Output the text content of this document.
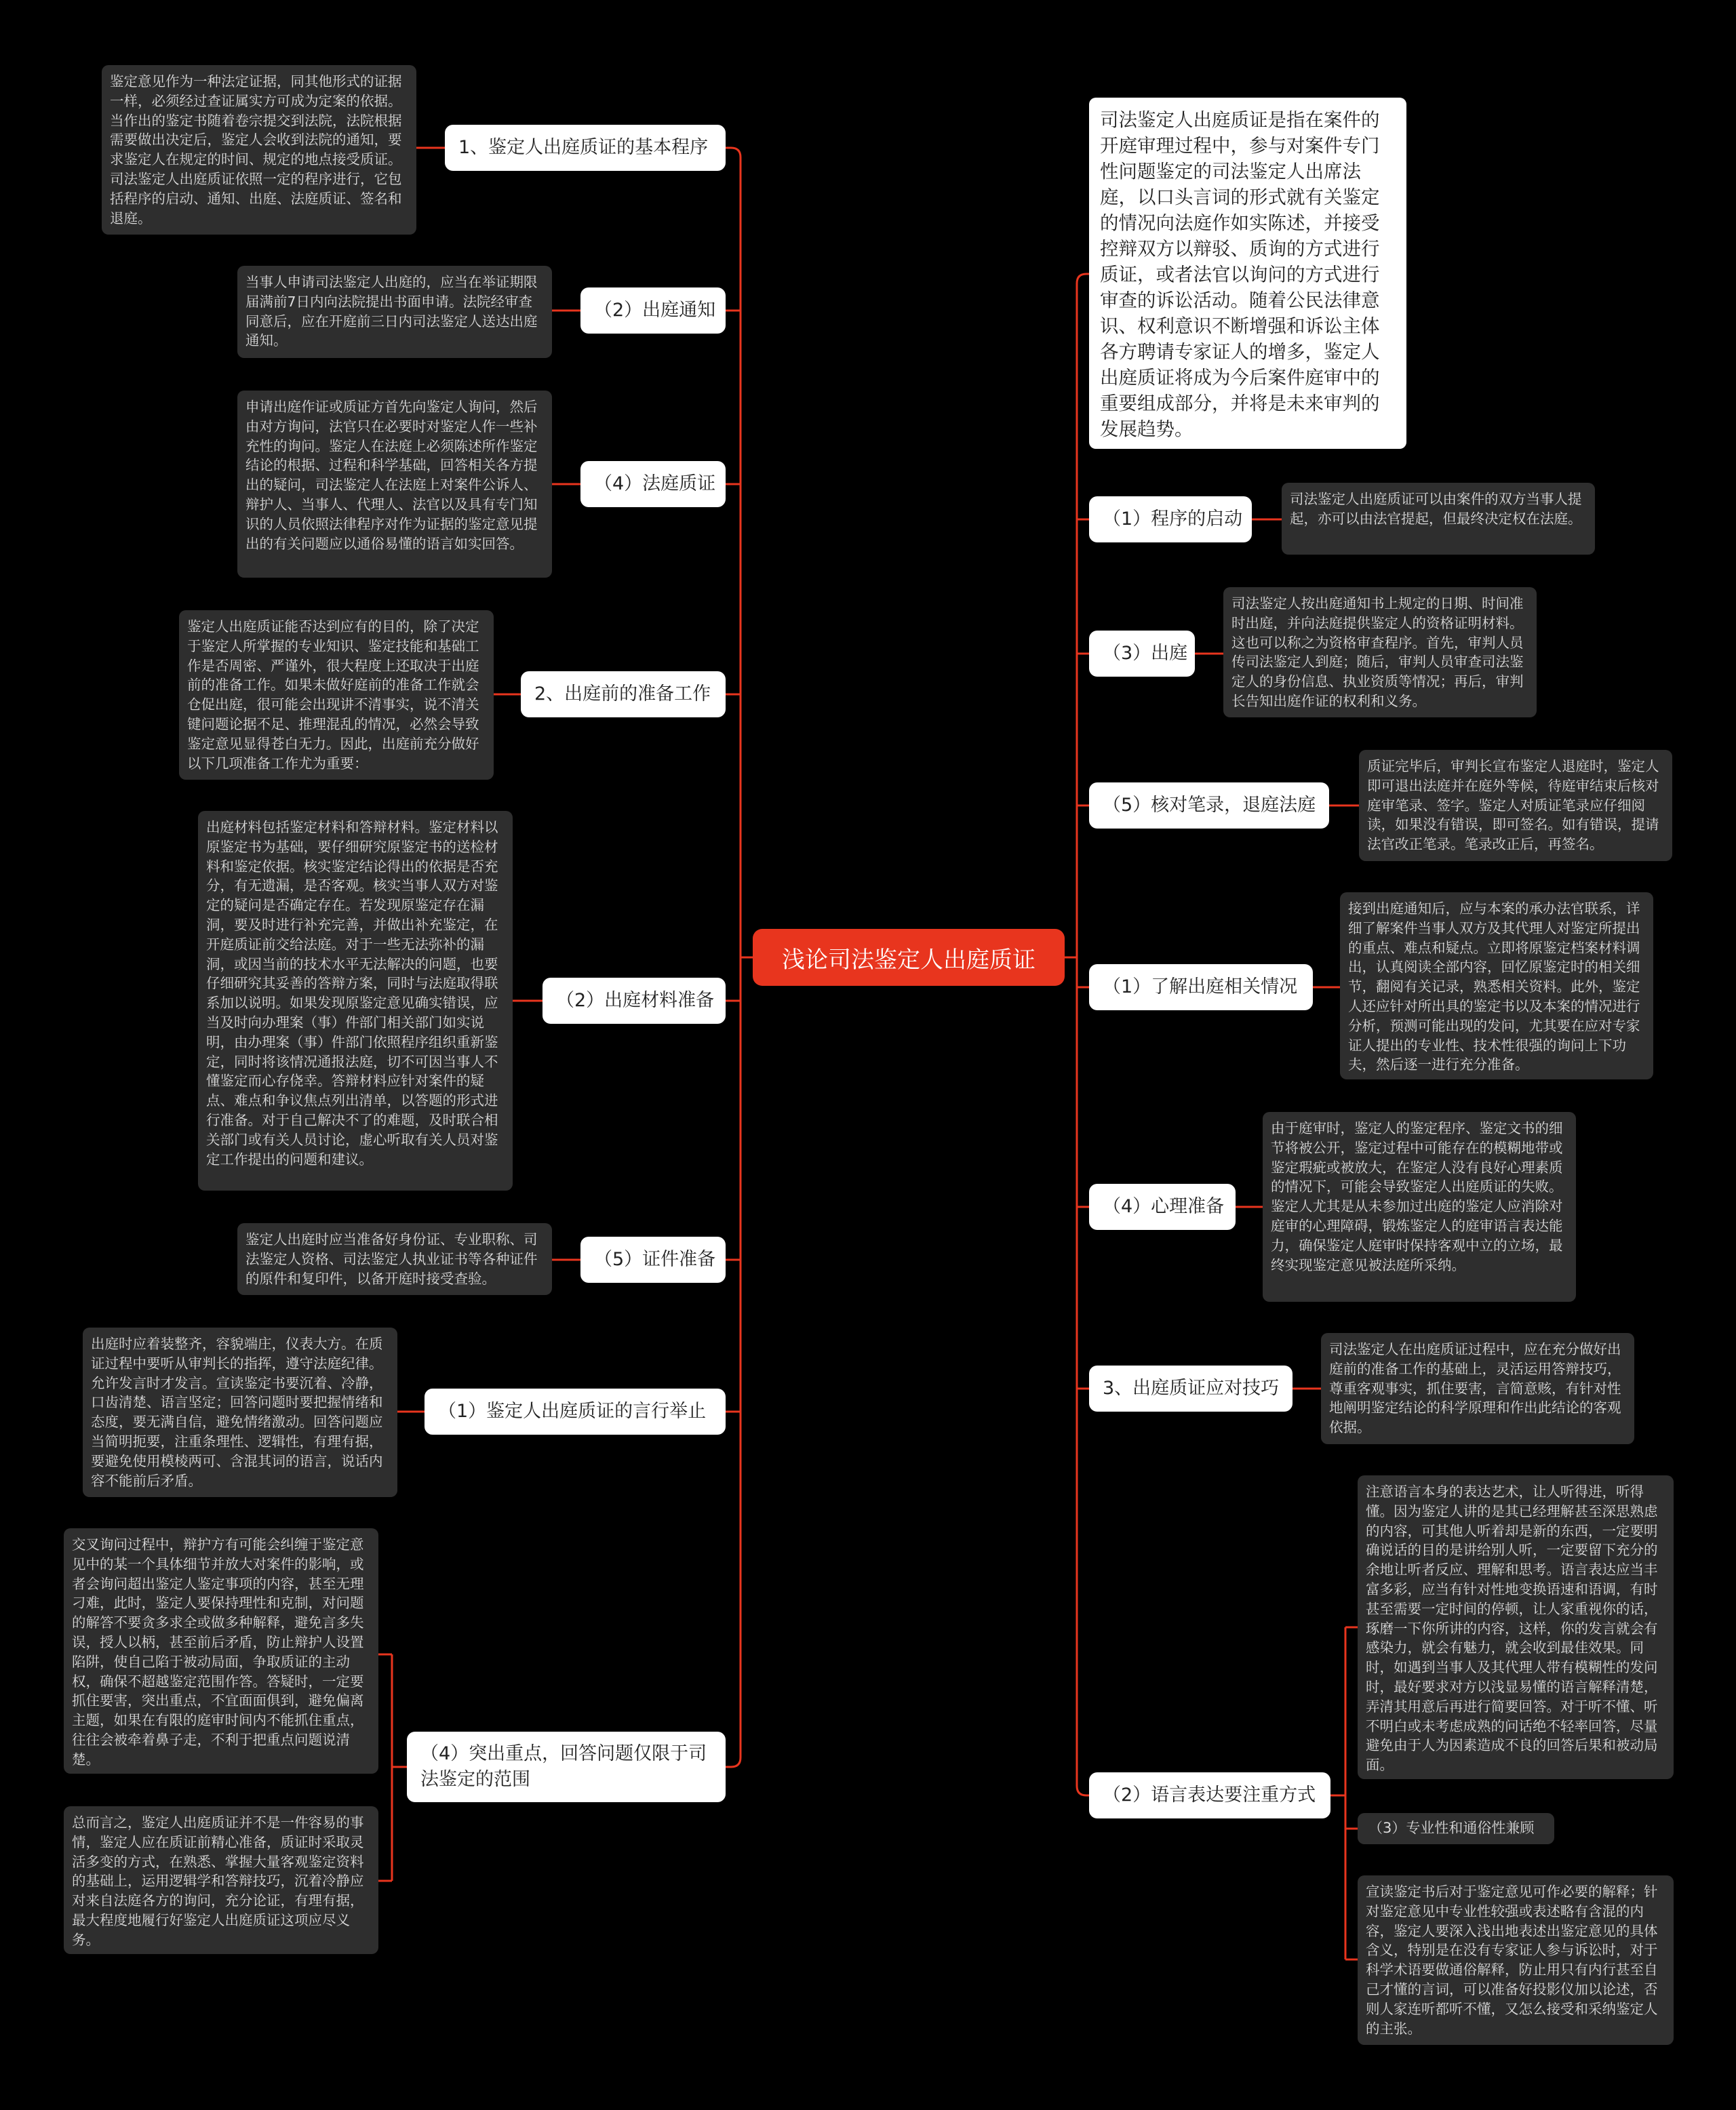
浅论司法鉴定人出庭质证
司法鉴定人出庭质证是指在案件的开庭审理过程中，参与对案件专门性问题鉴定的司法鉴定人出席法庭，以口头言词的形式就有关鉴定的情况向法庭作如实陈述，并接受控辩双方以辩驳、质询的方式进行质证，或者法官以询问的方式进行审查的诉讼活动。随着公民法律意识、权利意识不断增强和诉讼主体各方聘请专家证人的增多，鉴定人出庭质证将成为今后案件庭审中的重要组成部分，并将是未来审判的发展趋势。
1、鉴定人出庭质证的基本程序
鉴定意见作为一种法定证据，同其他形式的证据一样，必须经过查证属实方可成为定案的依据。当作出的鉴定书随着卷宗提交到法院，法院根据需要做出决定后，鉴定人会收到法院的通知，要求鉴定人在规定的时间、规定的地点接受质证。司法鉴定人出庭质证依照一定的程序进行，它包括程序的启动、通知、出庭、法庭质证、签名和退庭。
（2）出庭通知
当事人申请司法鉴定人出庭的，应当在举证期限届满前7日内向法院提出书面申请。法院经审查同意后，应在开庭前三日内司法鉴定人送达出庭通知。
（4）法庭质证
申请出庭作证或质证方首先向鉴定人询问，然后由对方询问，法官只在必要时对鉴定人作一些补充性的询问。鉴定人在法庭上必须陈述所作鉴定结论的根据、过程和科学基础，回答相关各方提出的疑问，司法鉴定人在法庭上对案件公诉人、辩护人、当事人、代理人、法官以及具有专门知识的人员依照法律程序对作为证据的鉴定意见提出的有关问题应以通俗易懂的语言如实回答。
2、出庭前的准备工作
鉴定人出庭质证能否达到应有的目的，除了决定于鉴定人所掌握的专业知识、鉴定技能和基础工作是否周密、严谨外，很大程度上还取决于出庭前的准备工作。如果未做好庭前的准备工作就会仓促出庭，很可能会出现讲不清事实，说不清关键问题论据不足、推理混乱的情况，必然会导致鉴定意见显得苍白无力。因此，出庭前充分做好以下几项准备工作尤为重要：
（2）出庭材料准备
出庭材料包括鉴定材料和答辩材料。鉴定材料以原鉴定书为基础，要仔细研究原鉴定书的送检材料和鉴定依据。核实鉴定结论得出的依据是否充分，有无遗漏，是否客观。核实当事人双方对鉴定的疑问是否确定存在。若发现原鉴定存在漏洞，要及时进行补充完善，并做出补充鉴定，在开庭质证前交给法庭。对于一些无法弥补的漏洞，或因当前的技术水平无法解决的问题，也要仔细研究其妥善的答辩方案，同时与法庭取得联系加以说明。如果发现原鉴定意见确实错误，应当及时向办理案（事）件部门相关部门如实说明，由办理案（事）件部门依照程序组织重新鉴定，同时将该情况通报法庭，切不可因当事人不懂鉴定而心存侥幸。答辩材料应针对案件的疑点、难点和争议焦点列出清单，以答题的形式进行准备。对于自己解决不了的难题，及时联合相关部门或有关人员讨论，虚心听取有关人员对鉴定工作提出的问题和建议。
（5）证件准备
鉴定人出庭时应当准备好身份证、专业职称、司法鉴定人资格、司法鉴定人执业证书等各种证件的原件和复印件，以备开庭时接受查验。
（1）鉴定人出庭质证的言行举止
出庭时应着装整齐，容貌端庄，仪表大方。在质证过程中要听从审判长的指挥，遵守法庭纪律。允许发言时才发言。宣读鉴定书要沉着、冷静，口齿清楚、语言坚定；回答问题时要把握情绪和态度，要无满自信，避免情绪激动。回答问题应当简明扼要，注重条理性、逻辑性，有理有据，要避免使用模棱两可、含混其词的语言，说话内容不能前后矛盾。
（4）突出重点，回答问题仅限于司法鉴定的范围
交叉询问过程中，辩护方有可能会纠缠于鉴定意见中的某一个具体细节并放大对案件的影响，或者会询问超出鉴定人鉴定事项的内容，甚至无理刁难，此时，鉴定人要保持理性和克制，对问题的解答不要贪多求全或做多种解释，避免言多失误，授人以柄，甚至前后矛盾，防止辩护人设置陷阱，使自己陷于被动局面，争取质证的主动权，确保不超越鉴定范围作答。答疑时，一定要抓住要害，突出重点，不宜面面俱到，避免偏离主题，如果在有限的庭审时间内不能抓住重点，往往会被牵着鼻子走，不利于把重点问题说清楚。
总而言之，鉴定人出庭质证并不是一件容易的事情，鉴定人应在质证前精心准备，质证时采取灵活多变的方式，在熟悉、掌握大量客观鉴定资料的基础上，运用逻辑学和答辩技巧，沉着冷静应对来自法庭各方的询问，充分论证，有理有据，最大程度地履行好鉴定人出庭质证这项应尽义务。
（1）程序的启动
司法鉴定人出庭质证可以由案件的双方当事人提起，亦可以由法官提起，但最终决定权在法庭。
（3）出庭
司法鉴定人按出庭通知书上规定的日期、时间准时出庭，并向法庭提供鉴定人的资格证明材料。这也可以称之为资格审查程序。首先，审判人员传司法鉴定人到庭；随后，审判人员审查司法鉴定人的身份信息、执业资质等情况；再后，审判长告知出庭作证的权利和义务。
（5）核对笔录，退庭法庭
质证完毕后，审判长宣布鉴定人退庭时，鉴定人即可退出法庭并在庭外等候，待庭审结束后核对庭审笔录、签字。鉴定人对质证笔录应仔细阅读，如果没有错误，即可签名。如有错误，提请法官改正笔录。笔录改正后，再签名。
（1）了解出庭相关情况
接到出庭通知后，应与本案的承办法官联系，详细了解案件当事人双方及其代理人对鉴定所提出的重点、难点和疑点。立即将原鉴定档案材料调出，认真阅读全部内容，回忆原鉴定时的相关细节，翻阅有关记录，熟悉相关资料。此外，鉴定人还应针对所出具的鉴定书以及本案的情况进行分析，预测可能出现的发问，尤其要在应对专家证人提出的专业性、技术性很强的询问上下功夫，然后逐一进行充分准备。
（4）心理准备
由于庭审时，鉴定人的鉴定程序、鉴定文书的细节将被公开，鉴定过程中可能存在的模糊地带或鉴定瑕疵或被放大，在鉴定人没有良好心理素质的情况下，可能会导致鉴定人出庭质证的失败。鉴定人尤其是从未参加过出庭的鉴定人应消除对庭审的心理障碍，锻炼鉴定人的庭审语言表达能力，确保鉴定人庭审时保持客观中立的立场，最终实现鉴定意见被法庭所采纳。
3、出庭质证应对技巧
司法鉴定人在出庭质证过程中，应在充分做好出庭前的准备工作的基础上，灵活运用答辩技巧，尊重客观事实，抓住要害，言简意赅，有针对性地阐明鉴定结论的科学原理和作出此结论的客观依据。
（2）语言表达要注重方式
注意语言本身的表达艺术，让人听得进，听得懂。因为鉴定人讲的是其已经理解甚至深思熟虑的内容，可其他人听着却是新的东西，一定要明确说话的目的是讲给别人听，一定要留下充分的余地让听者反应、理解和思考。语言表达应当丰富多彩，应当有针对性地变换语速和语调，有时甚至需要一定时间的停顿，让人家重视你的话，琢磨一下你所讲的内容，这样，你的发言就会有感染力，就会有魅力，就会收到最佳效果。同时，如遇到当事人及其代理人带有模糊性的发问时，最好要求对方以浅显易懂的语言解释清楚，弄清其用意后再进行简要回答。对于听不懂、听不明白或未考虑成熟的问话绝不轻率回答，尽量避免由于人为因素造成不良的回答后果和被动局面。
（3）专业性和通俗性兼顾
宣读鉴定书后对于鉴定意见可作必要的解释；针对鉴定意见中专业性较强或表述略有含混的内容，鉴定人要深入浅出地表述出鉴定意见的具体含义，特别是在没有专家证人参与诉讼时，对于科学术语要做通俗解释，防止用只有内行甚至自己才懂的言词，可以准备好投影仪加以论述，否则人家连听都听不懂，又怎么接受和采纳鉴定人的主张。
